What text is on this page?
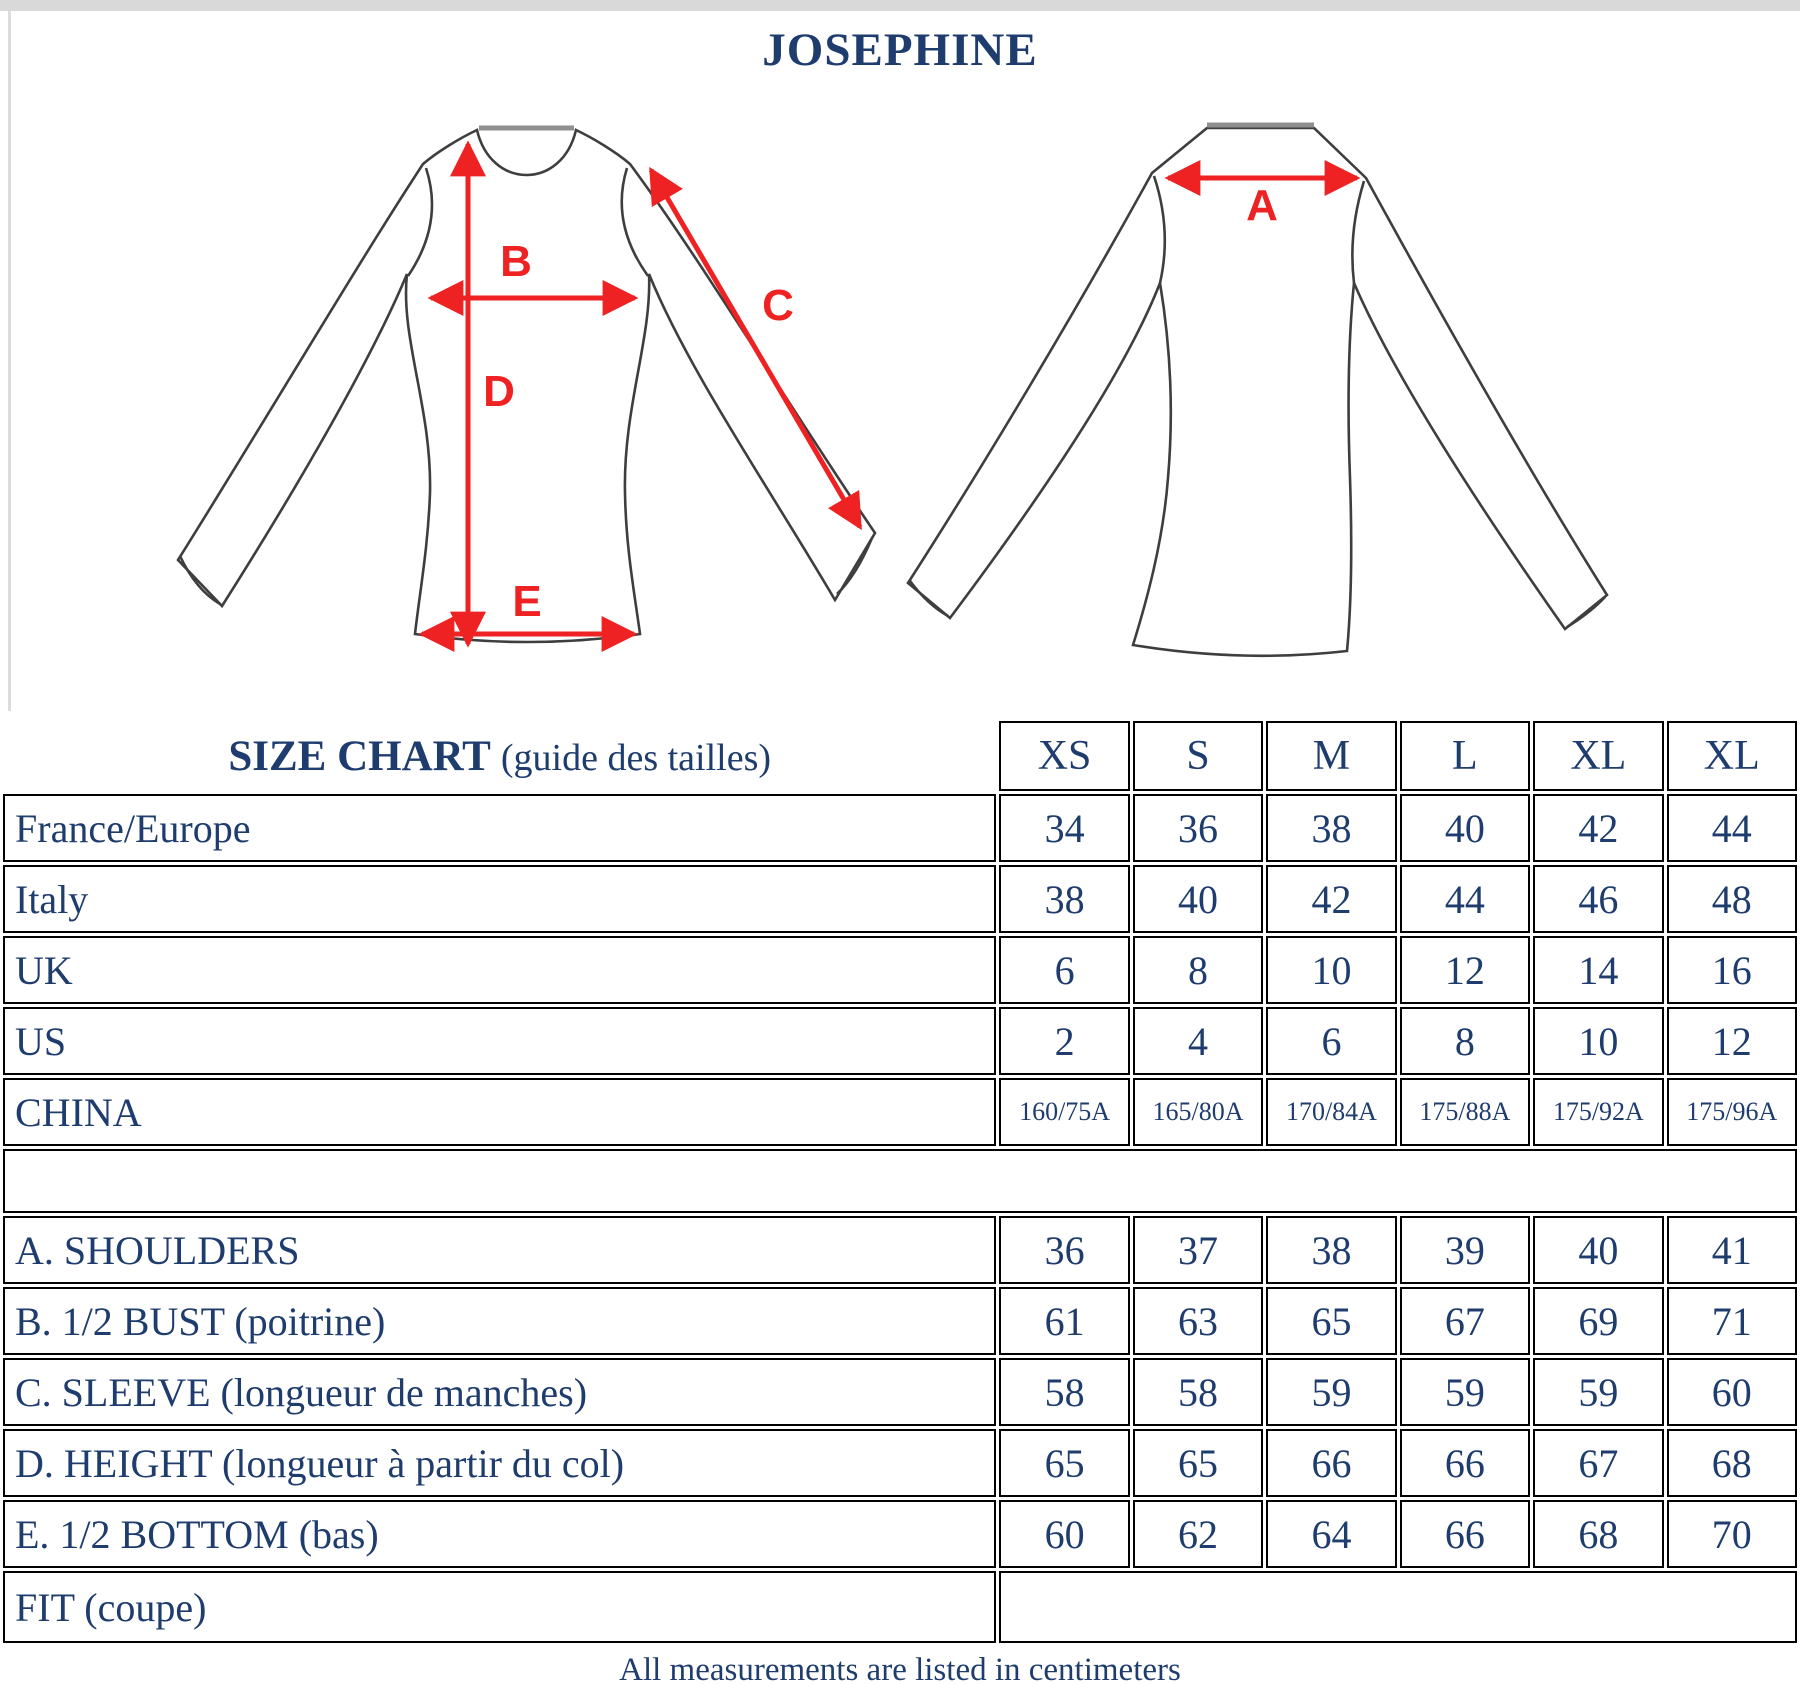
JOSEPHINE
B
C
D
E
A
SIZE CHART (guide des tailles)	XS	S	M	L	XL	XL
France/Europe	34	36	38	40	42	44
Italy	38	40	42	44	46	48
UK	6	8	10	12	14	16
US	2	4	6	8	10	12
CHINA	160/75A	165/80A	170/84A	175/88A	175/92A	175/96A

A. SHOULDERS	36	37	38	39	40	41
B. 1/2 BUST (poitrine)	61	63	65	67	69	71
C. SLEEVE (longueur de manches)	58	58	59	59	59	60
D. HEIGHT (longueur à partir du col)	65	65	66	66	67	68
E. 1/2 BOTTOM (bas)	60	62	64	66	68	70
FIT (coupe)						
All measurements are listed in centimeters
